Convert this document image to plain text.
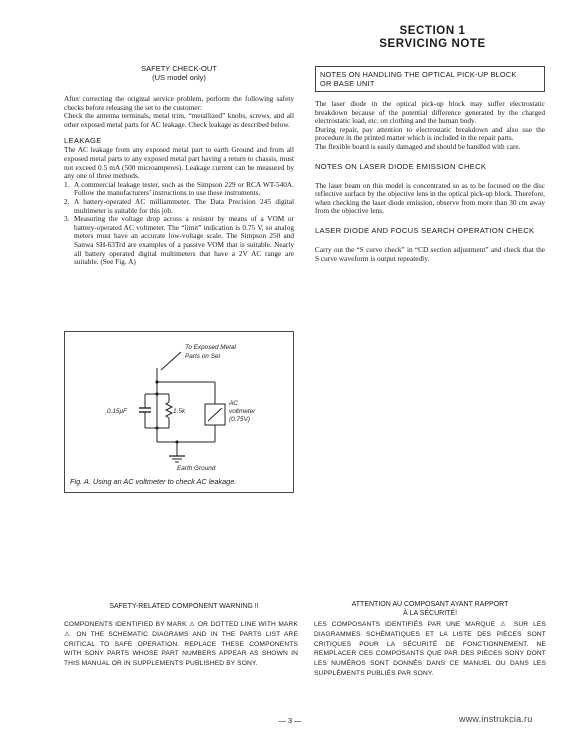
SECTION 1
SERVICING NOTE
SAFETY CHECK-OUT
(US model only)

After correcting the original service problem, perform the following safety checks before releasing the set to the customer:

Check the antenna terminals, metal trim, “metallized” knobs, screws, and all other exposed metal parts for AC leakage. Check leakage as described below.

LEAKAGE

The AC leakage from any exposed metal part to earth Ground and from all exposed metal parts to any exposed metal part having a return to chassis, must not exceed 0.5 mA (500 microamperes). Leakage current can be measured by any one of three methods.

1. A commercial leakage tester, such as the Simpson 229 or RCA WT-540A. Follow the manufacturers’ instructions to use these instruments.
2. A battery-operated AC milliammeter. The Data Precision 245 digital multimeter is suitable for this job.
3. Measuring the voltage drop across a resistor by means of a VOM or battery-operated AC voltmeter. The “limit” indication is 0.75 V, so analog meters must have an accurate low-voltage scale. The Simpson 250 and Sanwa SH-63Trd are examples of a passive VOM that is suitable. Nearly all battery operated digital multimeters that have a 2V AC range are suitable. (See Fig. A)
To Exposed Metal
Parts on Set
0.15μF	1.5k
AC
voltmeter
(0.75V)
Earth Ground
Fig. A. Using an AC voltmeter to check AC leakage.
NOTES ON HANDLING THE OPTICAL PICK-UP BLOCK
OR BASE UNIT

The laser diode in the optical pick-up block may suffer electrostatic breakdown because of the potential difference generated by the charged electrostatic load, etc. on clothing and the human body.

During repair, pay attention to electrostatic breakdown and also use the procedure in the printed matter which is included in the repair parts.

The flexible board is easily damaged and should be handled with care.

NOTES ON LASER DIODE EMISSION CHECK

The laser beam on this model is concentrated so as to be focused on the disc reflective surface by the objective lens in the optical pick-up block. Therefore, when checking the laser diode emission, observe from more than 30 cm away from the objective lens.

LASER DIODE AND FOCUS SEARCH OPERATION CHECK

Carry out the “S curve check” in “CD section adjustment” and check that the S curve waveform is output repeatedly.

SAFETY-RELATED COMPONENT WARNING !!	ATTENTION AU COMPOSANT AYANT RAPPORT
À LA SÉCURITÉ!

COMPONENTS IDENTIFIED BY MARK ⚠ OR DOTTED LINE WITH MARK ⚠ ON THE SCHEMATIC DIAGRAMS AND IN THE PARTS LIST ARE CRITICAL TO SAFE OPERATION. REPLACE THESE COMPONENTS WITH SONY PARTS WHOSE PART NUMBERS APPEAR AS SHOWN IN THIS MANUAL OR IN SUPPLEMENTS PUBLISHED BY SONY.

LES COMPOSANTS IDENTIFIÉS PAR UNE MARQUE ⚠ SUR LES DIAGRAMMES SCHÉMATIQUES ET LA LISTE DES PIÈCES SONT CRITIQUES POUR LA SÉCURITÉ DE FONCTIONNEMENT. NE REMPLACER CES COMPOSANTS QUE PAR DES PIÈCES SONY DONT LES NUMÉROS SONT DONNÉS DANS CE MANUEL OU DANS LES SUPPLÉMENTS PUBLIÉS PAR SONY.

— 3 —	www.instrukcia.ru
